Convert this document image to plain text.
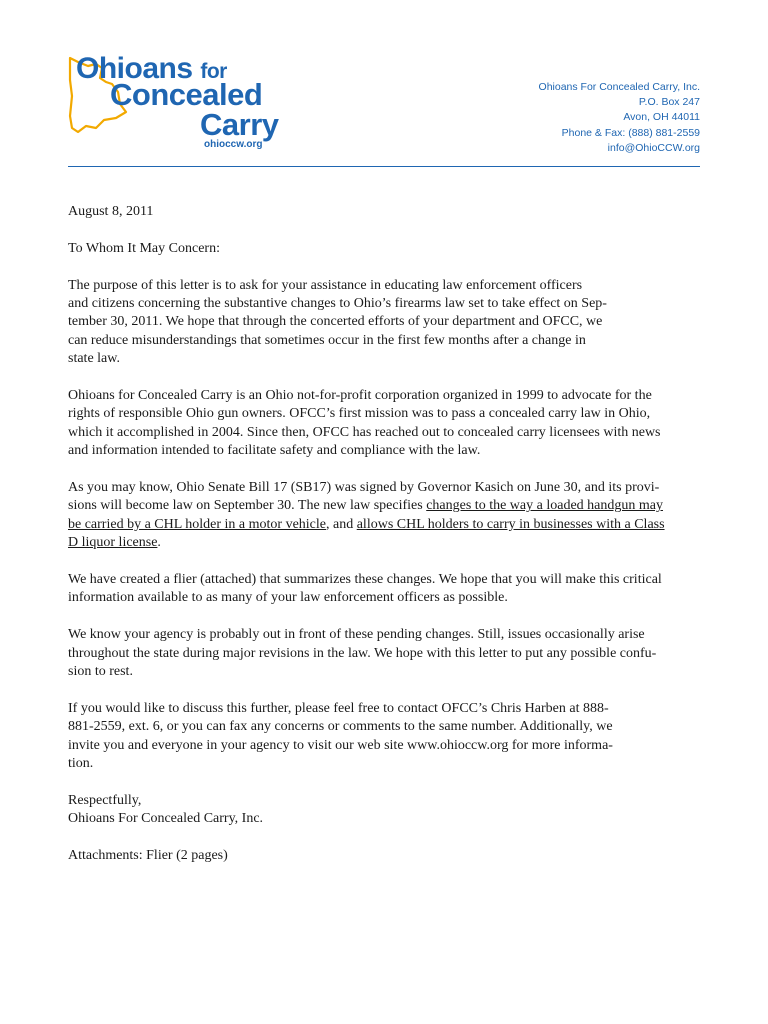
Ohioans for
Concealed
Carry
ohioccw.org
Ohioans For Concealed Carry, Inc.
P.O. Box 247
Avon, OH 44011
Phone & Fax: (888) 881-2559
info@OhioCCW.org

August 8, 2011

To Whom It May Concern:

The purpose of this letter is to ask for your assistance in educating law enforcement officers
and citizens concerning the substantive changes to Ohio’s firearms law set to take effect on Sep-
tember 30, 2011. We hope that through the concerted efforts of your department and OFCC, we
can reduce misunderstandings that sometimes occur in the first few months after a change in
state law.

Ohioans for Concealed Carry is an Ohio not-for-profit corporation organized in 1999 to advocate for the
rights of responsible Ohio gun owners. OFCC’s first mission was to pass a concealed carry law in Ohio,
which it accomplished in 2004. Since then, OFCC has reached out to concealed carry licensees with news
and information intended to facilitate safety and compliance with the law.

As you may know, Ohio Senate Bill 17 (SB17) was signed by Governor Kasich on June 30, and its provi-
sions will become law on September 30. The new law specifies changes to the way a loaded handgun may
be carried by a CHL holder in a motor vehicle, and allows CHL holders to carry in businesses with a Class
D liquor license.

We have created a flier (attached) that summarizes these changes. We hope that you will make this critical
information available to as many of your law enforcement officers as possible.

We know your agency is probably out in front of these pending changes. Still, issues occasionally arise
throughout the state during major revisions in the law. We hope with this letter to put any possible confu-
sion to rest.

If you would like to discuss this further, please feel free to contact OFCC’s Chris Harben at 888-
881-2559, ext. 6, or you can fax any concerns or comments to the same number. Additionally, we
invite you and everyone in your agency to visit our web site www.ohioccw.org for more informa-
tion.

Respectfully,
Ohioans For Concealed Carry, Inc.

Attachments: Flier (2 pages)
